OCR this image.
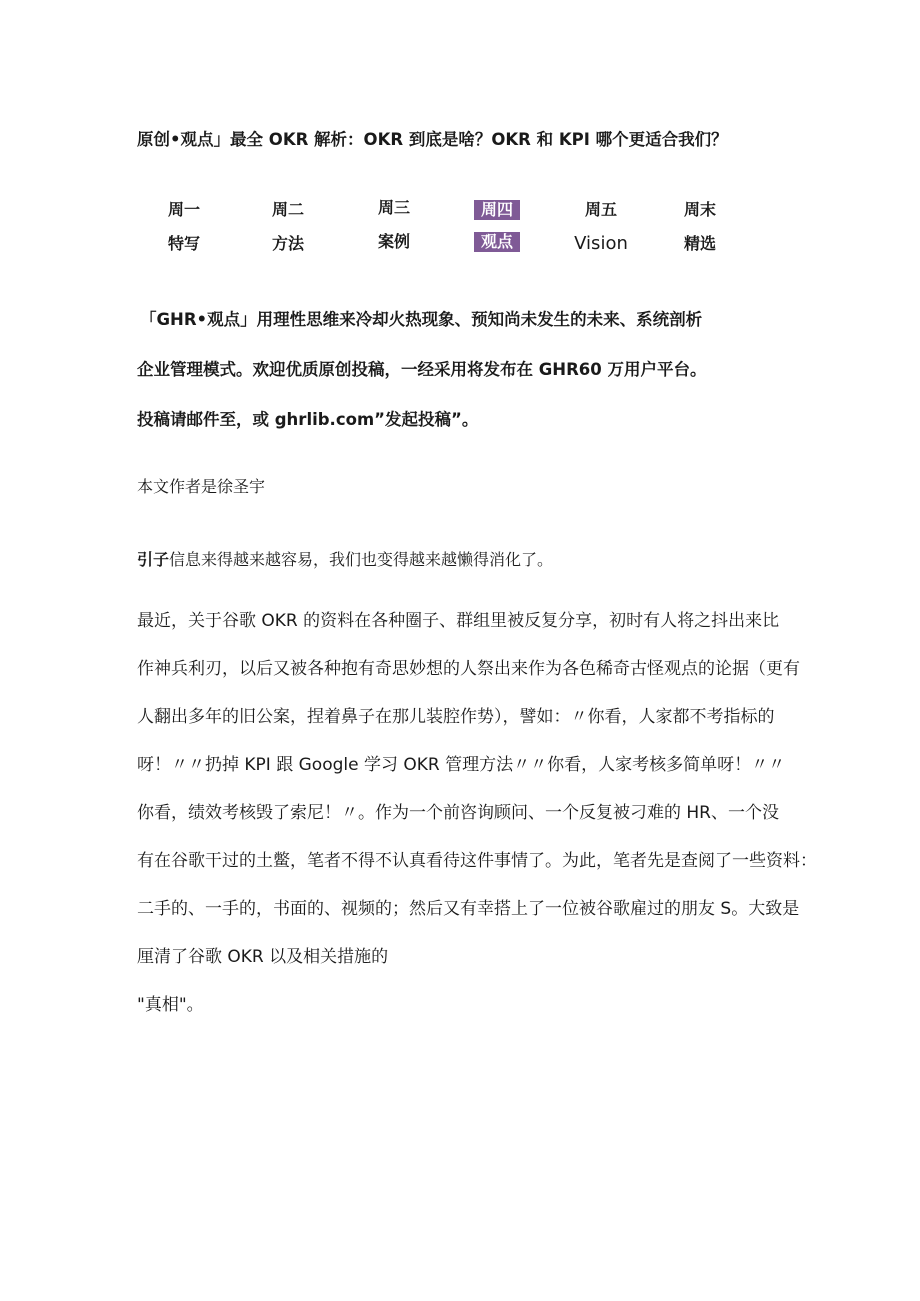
原创•观点」最全 OKR 解析：OKR 到底是啥？OKR 和 KPI 哪个更适合我们？
周一
特写
周二
方法
周三
案例
周四
观点
周五
Vision
周末
精选
「GHR•观点」用理性思维来冷却火热现象、预知尚未发生的未来、系统剖析
企业管理模式。欢迎优质原创投稿，一经采用将发布在 GHR60 万用户平台。
投稿请邮件至，或 ghrlib.com”发起投稿”。
本文作者是徐圣宇
引子信息来得越来越容易，我们也变得越来越懒得消化了。
最近，关于谷歌 OKR 的资料在各种圈子、群组里被反复分享，初时有人将之抖出来比
作神兵利刃，以后又被各种抱有奇思妙想的人祭出来作为各色稀奇古怪观点的论据（更有
人翻出多年的旧公案，捏着鼻子在那儿装腔作势），譬如：〃你看，人家都不考指标的
呀！〃〃扔掉 KPI 跟 Google 学习 OKR 管理方法〃〃你看，人家考核多简单呀！〃〃
你看，绩效考核毁了索尼！〃。作为一个前咨询顾问、一个反复被刁难的 HR、一个没
有在谷歌干过的土鳖，笔者不得不认真看待这件事情了。为此，笔者先是查阅了一些资料：
二手的、一手的，书面的、视频的；然后又有幸搭上了一位被谷歌雇过的朋友 S。大致是
厘清了谷歌 OKR 以及相关措施的
"真相"。
